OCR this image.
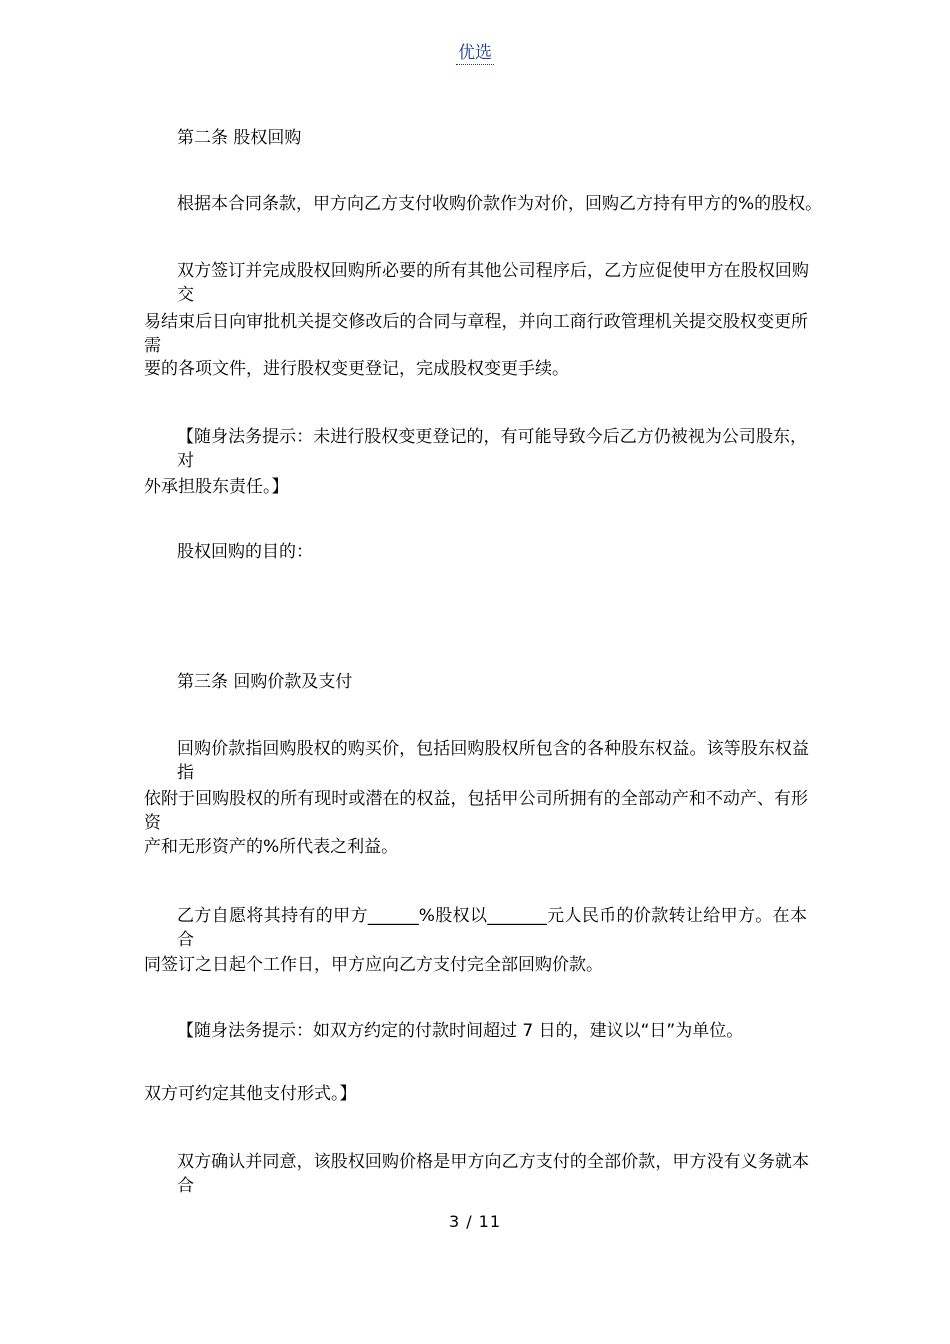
优选
第二条 股权回购
根据本合同条款，甲方向乙方支付收购价款作为对价，回购乙方持有甲方的%的股权。
双方签订并完成股权回购所必要的所有其他公司程序后，乙方应促使甲方在股权回购交
易结束后日向审批机关提交修改后的合同与章程，并向工商行政管理机关提交股权变更所需
要的各项文件，进行股权变更登记，完成股权变更手续。
【随身法务提示：未进行股权变更登记的，有可能导致今后乙方仍被视为公司股东，对
外承担股东责任。】
股权回购的目的：
第三条 回购价款及支付
回购价款指回购股权的购买价，包括回购股权所包含的各种股东权益。该等股东权益指
依附于回购股权的所有现时或潜在的权益，包括甲公司所拥有的全部动产和不动产、有形资
产和无形资产的%所代表之利益。
乙方自愿将其持有的甲方______%股权以_______元人民币的价款转让给甲方。在本合
同签订之日起个工作日，甲方应向乙方支付完全部回购价款。
【随身法务提示：如双方约定的付款时间超过 7 日的，建议以“日”为单位。
双方可约定其他支付形式。】
双方确认并同意，该股权回购价格是甲方向乙方支付的全部价款，甲方没有义务就本合
3 / 11
